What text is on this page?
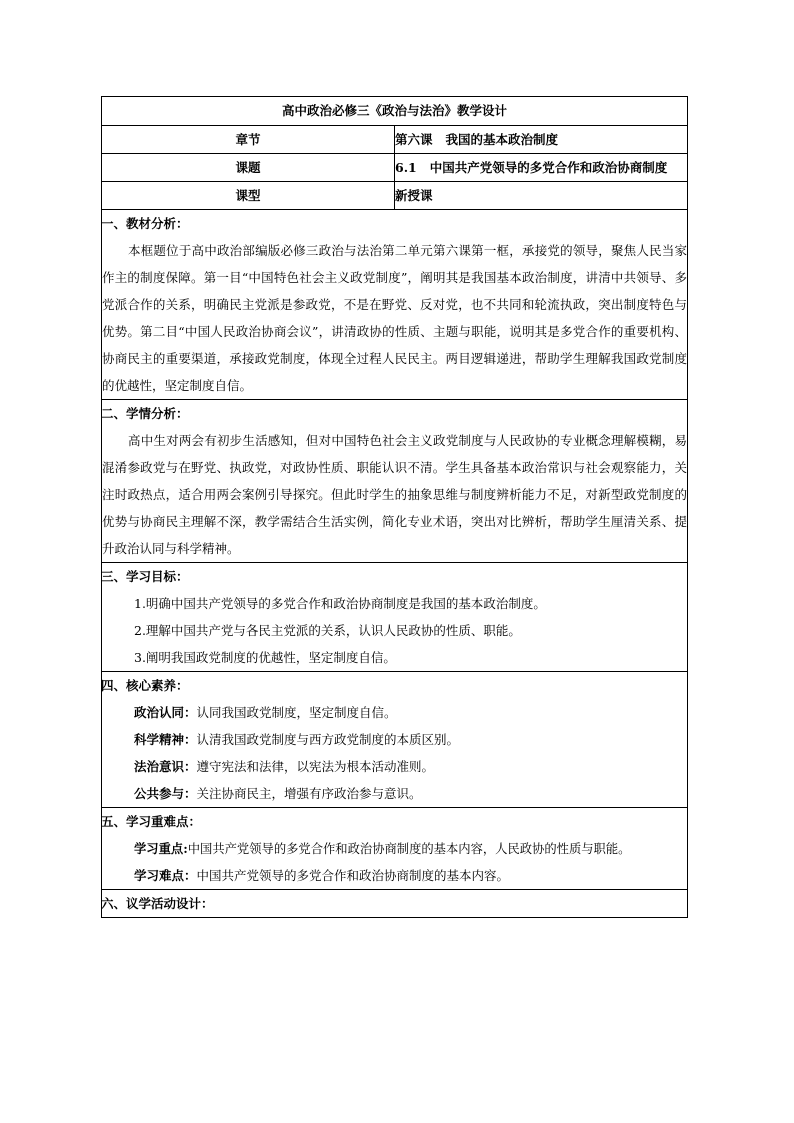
高中政治必修三《政治与法治》教学设计	
章节	第六课   我国的基本政治制度
课题	6.1   中国共产党领导的多党合作和政治协商制度
课型	新授课

一、教材分析：

本框题位于高中政治部编版必修三政治与法治第二单元第六课第一框，承接党的领导，聚焦人民当家作主的制度保障。第一目“中国特色社会主义政党制度”，阐明其是我国基本政治制度，讲清中共领导、多党派合作的关系，明确民主党派是参政党，不是在野党、反对党，也不共同和轮流执政，突出制度特色与优势。第二目“中国人民政治协商会议”，讲清政协的性质、主题与职能，说明其是多党合作的重要机构、协商民主的重要渠道，承接政党制度，体现全过程人民民主。两目逻辑递进，帮助学生理解我国政党制度的优越性，坚定制度自信。	

二、学情分析：

高中生对两会有初步生活感知，但对中国特色社会主义政党制度与人民政协的专业概念理解模糊，易混淆参政党与在野党、执政党，对政协性质、职能认识不清。学生具备基本政治常识与社会观察能力，关注时政热点，适合用两会案例引导探究。但此时学生的抽象思维与制度辨析能力不足，对新型政党制度的优势与协商民主理解不深，教学需结合生活实例，简化专业术语，突出对比辨析，帮助学生厘清关系、提升政治认同与科学精神。	

三、学习目标：
1.明确中国共产党领导的多党合作和政治协商制度是我国的基本政治制度。
2.理解中国共产党与各民主党派的关系，认识人民政协的性质、职能。
3.阐明我国政党制度的优越性，坚定制度自信。	

四、核心素养：
政治认同：认同我国政党制度，坚定制度自信。
科学精神：认清我国政党制度与西方政党制度的本质区别。
法治意识：遵守宪法和法律，以宪法为根本活动准则。
公共参与：关注协商民主，增强有序政治参与意识。	

五、学习重难点：
学习重点:中国共产党领导的多党合作和政治协商制度的基本内容，人民政协的性质与职能。
学习难点：中国共产党领导的多党合作和政治协商制度的基本内容。	

六、议学活动设计：	
